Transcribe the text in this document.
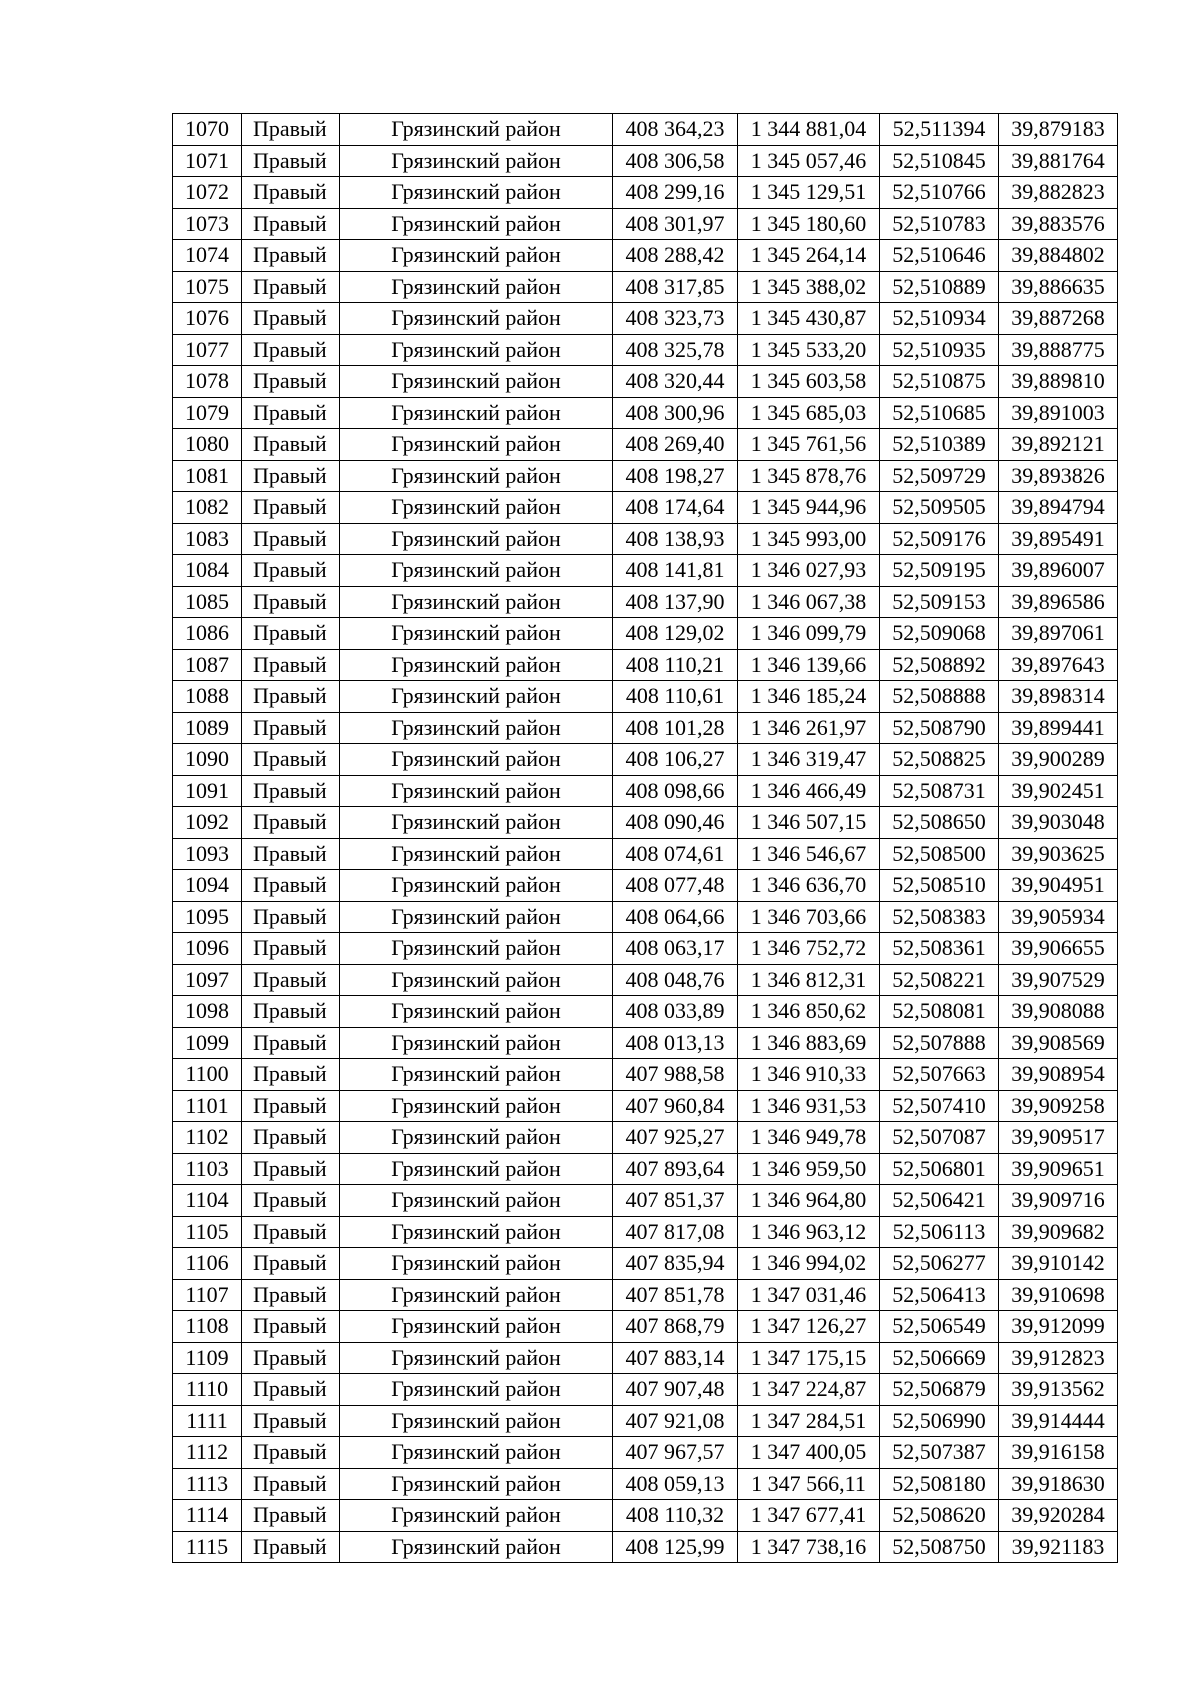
1070	Правый	Грязинский район	408 364,23	1 344 881,04	52,511394	39,879183
1071	Правый	Грязинский район	408 306,58	1 345 057,46	52,510845	39,881764
1072	Правый	Грязинский район	408 299,16	1 345 129,51	52,510766	39,882823
1073	Правый	Грязинский район	408 301,97	1 345 180,60	52,510783	39,883576
1074	Правый	Грязинский район	408 288,42	1 345 264,14	52,510646	39,884802
1075	Правый	Грязинский район	408 317,85	1 345 388,02	52,510889	39,886635
1076	Правый	Грязинский район	408 323,73	1 345 430,87	52,510934	39,887268
1077	Правый	Грязинский район	408 325,78	1 345 533,20	52,510935	39,888775
1078	Правый	Грязинский район	408 320,44	1 345 603,58	52,510875	39,889810
1079	Правый	Грязинский район	408 300,96	1 345 685,03	52,510685	39,891003
1080	Правый	Грязинский район	408 269,40	1 345 761,56	52,510389	39,892121
1081	Правый	Грязинский район	408 198,27	1 345 878,76	52,509729	39,893826
1082	Правый	Грязинский район	408 174,64	1 345 944,96	52,509505	39,894794
1083	Правый	Грязинский район	408 138,93	1 345 993,00	52,509176	39,895491
1084	Правый	Грязинский район	408 141,81	1 346 027,93	52,509195	39,896007
1085	Правый	Грязинский район	408 137,90	1 346 067,38	52,509153	39,896586
1086	Правый	Грязинский район	408 129,02	1 346 099,79	52,509068	39,897061
1087	Правый	Грязинский район	408 110,21	1 346 139,66	52,508892	39,897643
1088	Правый	Грязинский район	408 110,61	1 346 185,24	52,508888	39,898314
1089	Правый	Грязинский район	408 101,28	1 346 261,97	52,508790	39,899441
1090	Правый	Грязинский район	408 106,27	1 346 319,47	52,508825	39,900289
1091	Правый	Грязинский район	408 098,66	1 346 466,49	52,508731	39,902451
1092	Правый	Грязинский район	408 090,46	1 346 507,15	52,508650	39,903048
1093	Правый	Грязинский район	408 074,61	1 346 546,67	52,508500	39,903625
1094	Правый	Грязинский район	408 077,48	1 346 636,70	52,508510	39,904951
1095	Правый	Грязинский район	408 064,66	1 346 703,66	52,508383	39,905934
1096	Правый	Грязинский район	408 063,17	1 346 752,72	52,508361	39,906655
1097	Правый	Грязинский район	408 048,76	1 346 812,31	52,508221	39,907529
1098	Правый	Грязинский район	408 033,89	1 346 850,62	52,508081	39,908088
1099	Правый	Грязинский район	408 013,13	1 346 883,69	52,507888	39,908569
1100	Правый	Грязинский район	407 988,58	1 346 910,33	52,507663	39,908954
1101	Правый	Грязинский район	407 960,84	1 346 931,53	52,507410	39,909258
1102	Правый	Грязинский район	407 925,27	1 346 949,78	52,507087	39,909517
1103	Правый	Грязинский район	407 893,64	1 346 959,50	52,506801	39,909651
1104	Правый	Грязинский район	407 851,37	1 346 964,80	52,506421	39,909716
1105	Правый	Грязинский район	407 817,08	1 346 963,12	52,506113	39,909682
1106	Правый	Грязинский район	407 835,94	1 346 994,02	52,506277	39,910142
1107	Правый	Грязинский район	407 851,78	1 347 031,46	52,506413	39,910698
1108	Правый	Грязинский район	407 868,79	1 347 126,27	52,506549	39,912099
1109	Правый	Грязинский район	407 883,14	1 347 175,15	52,506669	39,912823
1110	Правый	Грязинский район	407 907,48	1 347 224,87	52,506879	39,913562
1111	Правый	Грязинский район	407 921,08	1 347 284,51	52,506990	39,914444
1112	Правый	Грязинский район	407 967,57	1 347 400,05	52,507387	39,916158
1113	Правый	Грязинский район	408 059,13	1 347 566,11	52,508180	39,918630
1114	Правый	Грязинский район	408 110,32	1 347 677,41	52,508620	39,920284
1115	Правый	Грязинский район	408 125,99	1 347 738,16	52,508750	39,921183
